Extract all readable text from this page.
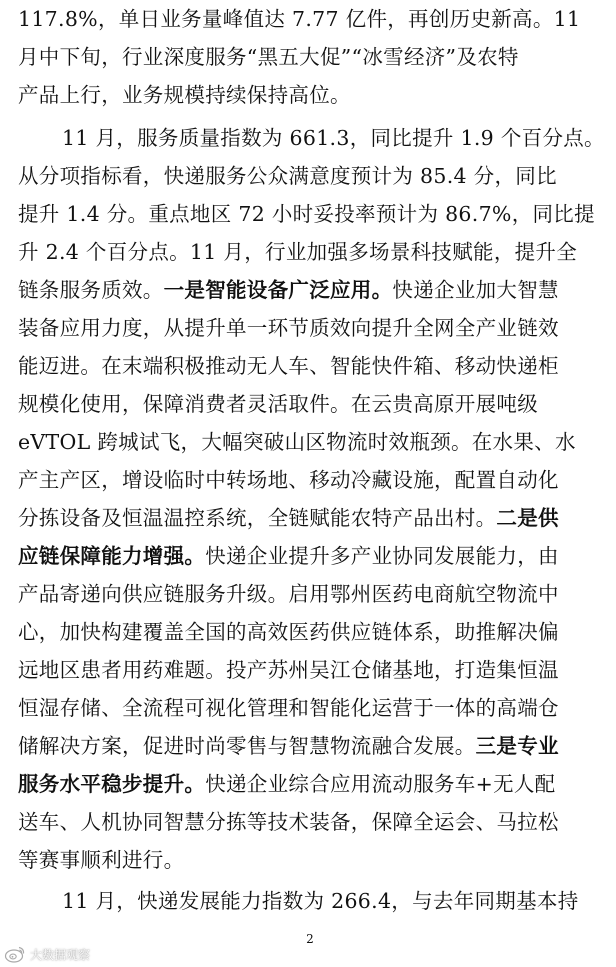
117.8%，单日业务量峰值达 7.77 亿件，再创历史新高。11
月中下旬，行业深度服务“黑五大促”“冰雪经济”及农特
产品上行，业务规模持续保持高位。
11 月，服务质量指数为 661.3，同比提升 1.9 个百分点。
从分项指标看，快递服务公众满意度预计为 85.4 分，同比
提升 1.4 分。重点地区 72 小时妥投率预计为 86.7%，同比提
升 2.4 个百分点。11 月，行业加强多场景科技赋能，提升全
链条服务质效。一是智能设备广泛应用。快递企业加大智慧
装备应用力度，从提升单一环节质效向提升全网全产业链效
能迈进。在末端积极推动无人车、智能快件箱、移动快递柜
规模化使用，保障消费者灵活取件。在云贵高原开展吨级
eVTOL 跨城试飞，大幅突破山区物流时效瓶颈。在水果、水
产主产区，增设临时中转场地、移动冷藏设施，配置自动化
分拣设备及恒温温控系统，全链赋能农特产品出村。二是供
应链保障能力增强。快递企业提升多产业协同发展能力，由
产品寄递向供应链服务升级。启用鄂州医药电商航空物流中
心，加快构建覆盖全国的高效医药供应链体系，助推解决偏
远地区患者用药难题。投产苏州吴江仓储基地，打造集恒温
恒湿存储、全流程可视化管理和智能化运营于一体的高端仓
储解决方案，促进时尚零售与智慧物流融合发展。三是专业
服务水平稳步提升。快递企业综合应用流动服务车+无人配
送车、人机协同智慧分拣等技术装备，保障全运会、马拉松
等赛事顺利进行。
11 月，快递发展能力指数为 266.4，与去年同期基本持
2
大数据观察
